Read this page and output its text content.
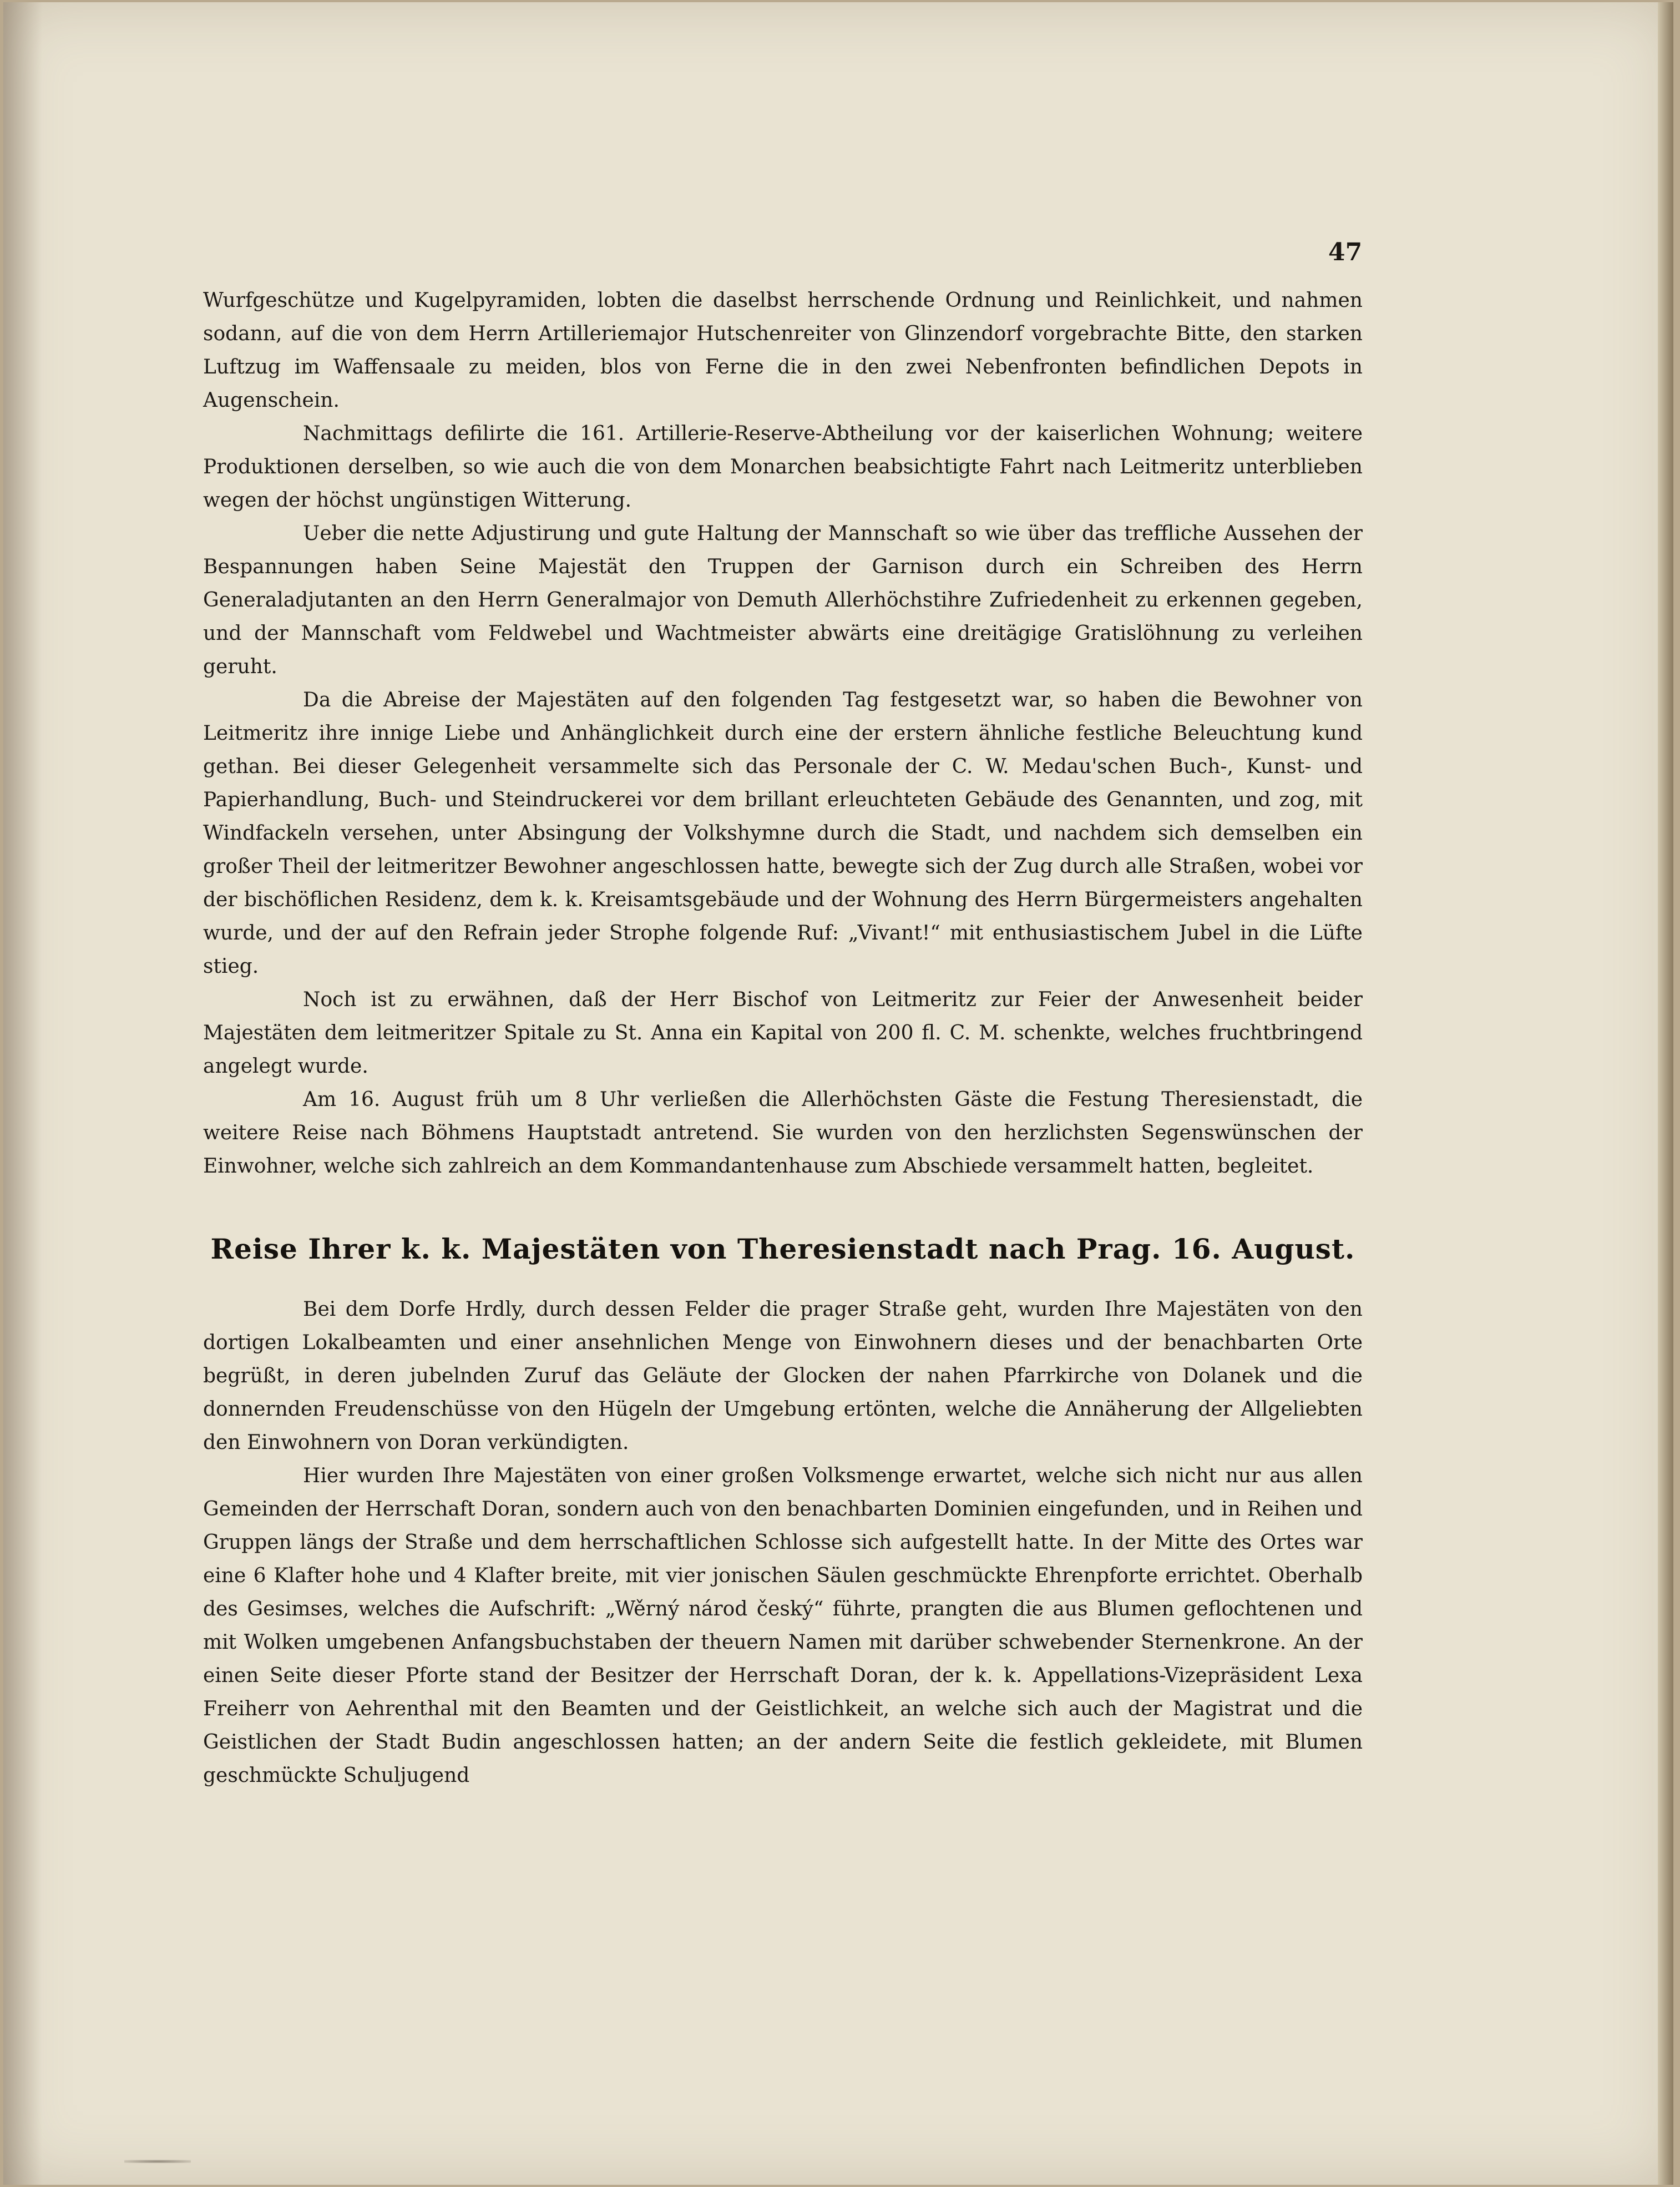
47

Wurfgeschütze und Kugelpyramiden, lobten die daselbst herrschende Ordnung und Reinlichkeit, und nahmen sodann, auf die von dem Herrn Artilleriemajor Hutschenreiter von Glinzendorf vorgebrachte Bitte, den starken Luftzug im Waffensaale zu meiden, blos von Ferne die in den zwei Nebenfronten befindlichen Depots in Augenschein.

Nachmittags defilirte die 161. Artillerie-Reserve-Abtheilung vor der kaiserlichen Wohnung; weitere Produktionen derselben, so wie auch die von dem Monarchen beabsichtigte Fahrt nach Leitmeritz unterblieben wegen der höchst ungünstigen Witterung.

Ueber die nette Adjustirung und gute Haltung der Mannschaft so wie über das treffliche Aussehen der Bespannungen haben Seine Majestät den Truppen der Garnison durch ein Schreiben des Herrn Generaladjutanten an den Herrn Generalmajor von Demuth Allerhöchstihre Zufriedenheit zu erkennen gegeben, und der Mannschaft vom Feldwebel und Wachtmeister abwärts eine dreitägige Gratislöhnung zu verleihen geruht.

Da die Abreise der Majestäten auf den folgenden Tag festgesetzt war, so haben die Bewohner von Leitmeritz ihre innige Liebe und Anhänglichkeit durch eine der erstern ähnliche festliche Beleuchtung kund gethan. Bei dieser Gelegenheit versammelte sich das Personale der C. W. Medau'schen Buch-, Kunst- und Papierhandlung, Buch- und Steindruckerei vor dem brillant erleuchteten Gebäude des Genannten, und zog, mit Windfackeln versehen, unter Absingung der Volkshymne durch die Stadt, und nachdem sich demselben ein großer Theil der leitmeritzer Bewohner angeschlossen hatte, bewegte sich der Zug durch alle Straßen, wobei vor der bischöflichen Residenz, dem k. k. Kreisamtsgebäude und der Wohnung des Herrn Bürgermeisters angehalten wurde, und der auf den Refrain jeder Strophe folgende Ruf: „Vivant!“ mit enthusiastischem Jubel in die Lüfte stieg.

Noch ist zu erwähnen, daß der Herr Bischof von Leitmeritz zur Feier der Anwesenheit beider Majestäten dem leitmeritzer Spitale zu St. Anna ein Kapital von 200 fl. C. M. schenkte, welches fruchtbringend angelegt wurde.

Am 16. August früh um 8 Uhr verließen die Allerhöchsten Gäste die Festung Theresienstadt, die weitere Reise nach Böhmens Hauptstadt antretend. Sie wurden von den herzlichsten Segenswünschen der Einwohner, welche sich zahlreich an dem Kommandantenhause zum Abschiede versammelt hatten, begleitet.

Reise Ihrer k. k. Majestäten von Theresienstadt nach Prag. 16. August.

Bei dem Dorfe Hrdly, durch dessen Felder die prager Straße geht, wurden Ihre Majestäten von den dortigen Lokalbeamten und einer ansehnlichen Menge von Einwohnern dieses und der benachbarten Orte begrüßt, in deren jubelnden Zuruf das Geläute der Glocken der nahen Pfarrkirche von Dolanek und die donnernden Freudenschüsse von den Hügeln der Umgebung ertönten, welche die Annäherung der Allgeliebten den Einwohnern von Doran verkündigten.

Hier wurden Ihre Majestäten von einer großen Volksmenge erwartet, welche sich nicht nur aus allen Gemeinden der Herrschaft Doran, sondern auch von den benachbarten Dominien eingefunden, und in Reihen und Gruppen längs der Straße und dem herrschaftlichen Schlosse sich aufgestellt hatte. In der Mitte des Ortes war eine 6 Klafter hohe und 4 Klafter breite, mit vier jonischen Säulen geschmückte Ehrenpforte errichtet. Oberhalb des Gesimses, welches die Aufschrift: „Wěrný národ český“ führte, prangten die aus Blumen geflochtenen und mit Wolken umgebenen Anfangsbuchstaben der theuern Namen mit darüber schwebender Sternenkrone. An der einen Seite dieser Pforte stand der Besitzer der Herrschaft Doran, der k. k. Appellations-Vizepräsident Lexa Freiherr von Aehrenthal mit den Beamten und der Geistlichkeit, an welche sich auch der Magistrat und die Geistlichen der Stadt Budin angeschlossen hatten; an der andern Seite die festlich gekleidete, mit Blumen geschmückte Schuljugend
